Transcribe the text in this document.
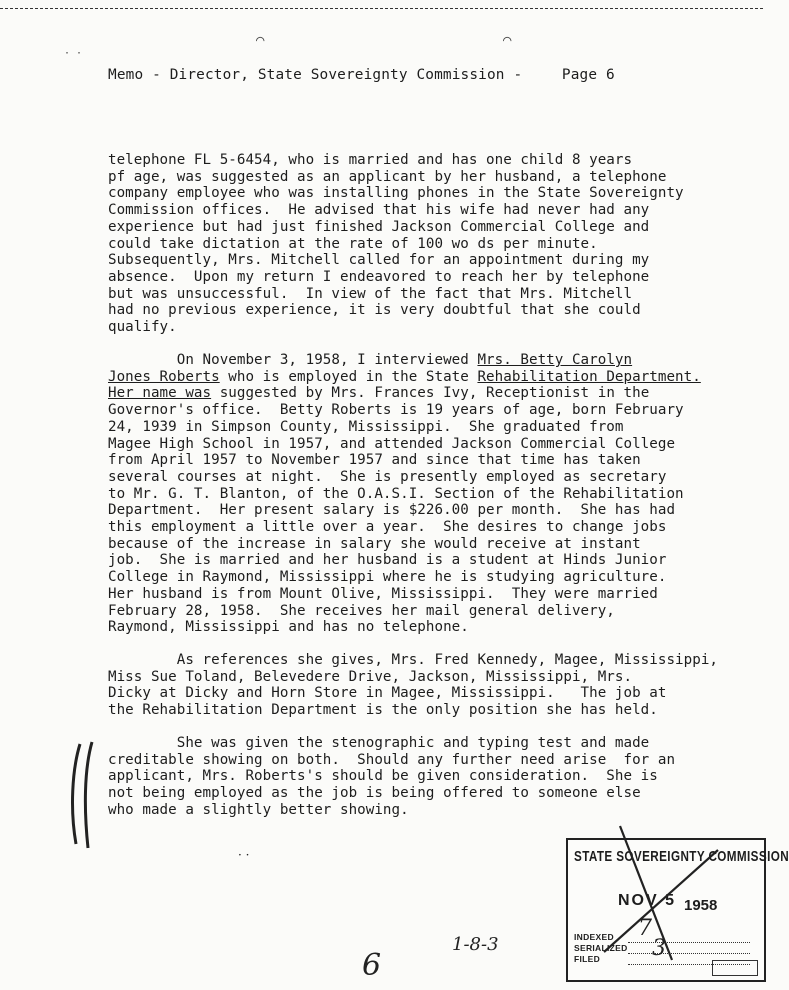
⌒	⌒
· ·
Memo - Director, State Sovereignty Commission -	Page 6
telephone FL 5-6454, who is married and has one child 8 years
pf age, was suggested as an applicant by her husband, a telephone
company employee who was installing phones in the State Sovereignty
Commission offices.  He advised that his wife had never had any
experience but had just finished Jackson Commercial College and
could take dictation at the rate of 100 wo ds per minute.
Subsequently, Mrs. Mitchell called for an appointment during my
absence.  Upon my return I endeavored to reach her by telephone
but was unsuccessful.  In view of the fact that Mrs. Mitchell
had no previous experience, it is very doubtful that she could
qualify.
On November 3, 1958, I interviewed Mrs. Betty Carolyn
Jones Roberts who is employed in the State Rehabilitation Department.
Her name was suggested by Mrs. Frances Ivy, Receptionist in the
Governor's office.  Betty Roberts is 19 years of age, born February
24, 1939 in Simpson County, Mississippi.  She graduated from
Magee High School in 1957, and attended Jackson Commercial College
from April 1957 to November 1957 and since that time has taken
several courses at night.  She is presently employed as secretary
to Mr. G. T. Blanton, of the O.A.S.I. Section of the Rehabilitation
Department.  Her present salary is $226.00 per month.  She has had
this employment a little over a year.  She desires to change jobs
because of the increase in salary she would receive at instant
job.  She is married and her husband is a student at Hinds Junior
College in Raymond, Mississippi where he is studying agriculture.
Her husband is from Mount Olive, Mississippi.  They were married
February 28, 1958.  She receives her mail general delivery,
Raymond, Mississippi and has no telephone.
As references she gives, Mrs. Fred Kennedy, Magee, Mississippi,
Miss Sue Toland, Belevedere Drive, Jackson, Mississippi, Mrs.
Dicky at Dicky and Horn Store in Magee, Mississippi.   The job at
the Rehabilitation Department is the only position she has held.
She was given the stenographic and typing test and made
creditable showing on both.  Should any further need arise  for an
applicant, Mrs. Roberts's should be given consideration.  She is
not being employed as the job is being offered to someone else
who made a slightly better showing.
STATE SOVEREIGNTY COMMISSION
NOV 5 1958
INDEXED
SERIALIZED
FILED
7
3
· ·
6
1-8-3
